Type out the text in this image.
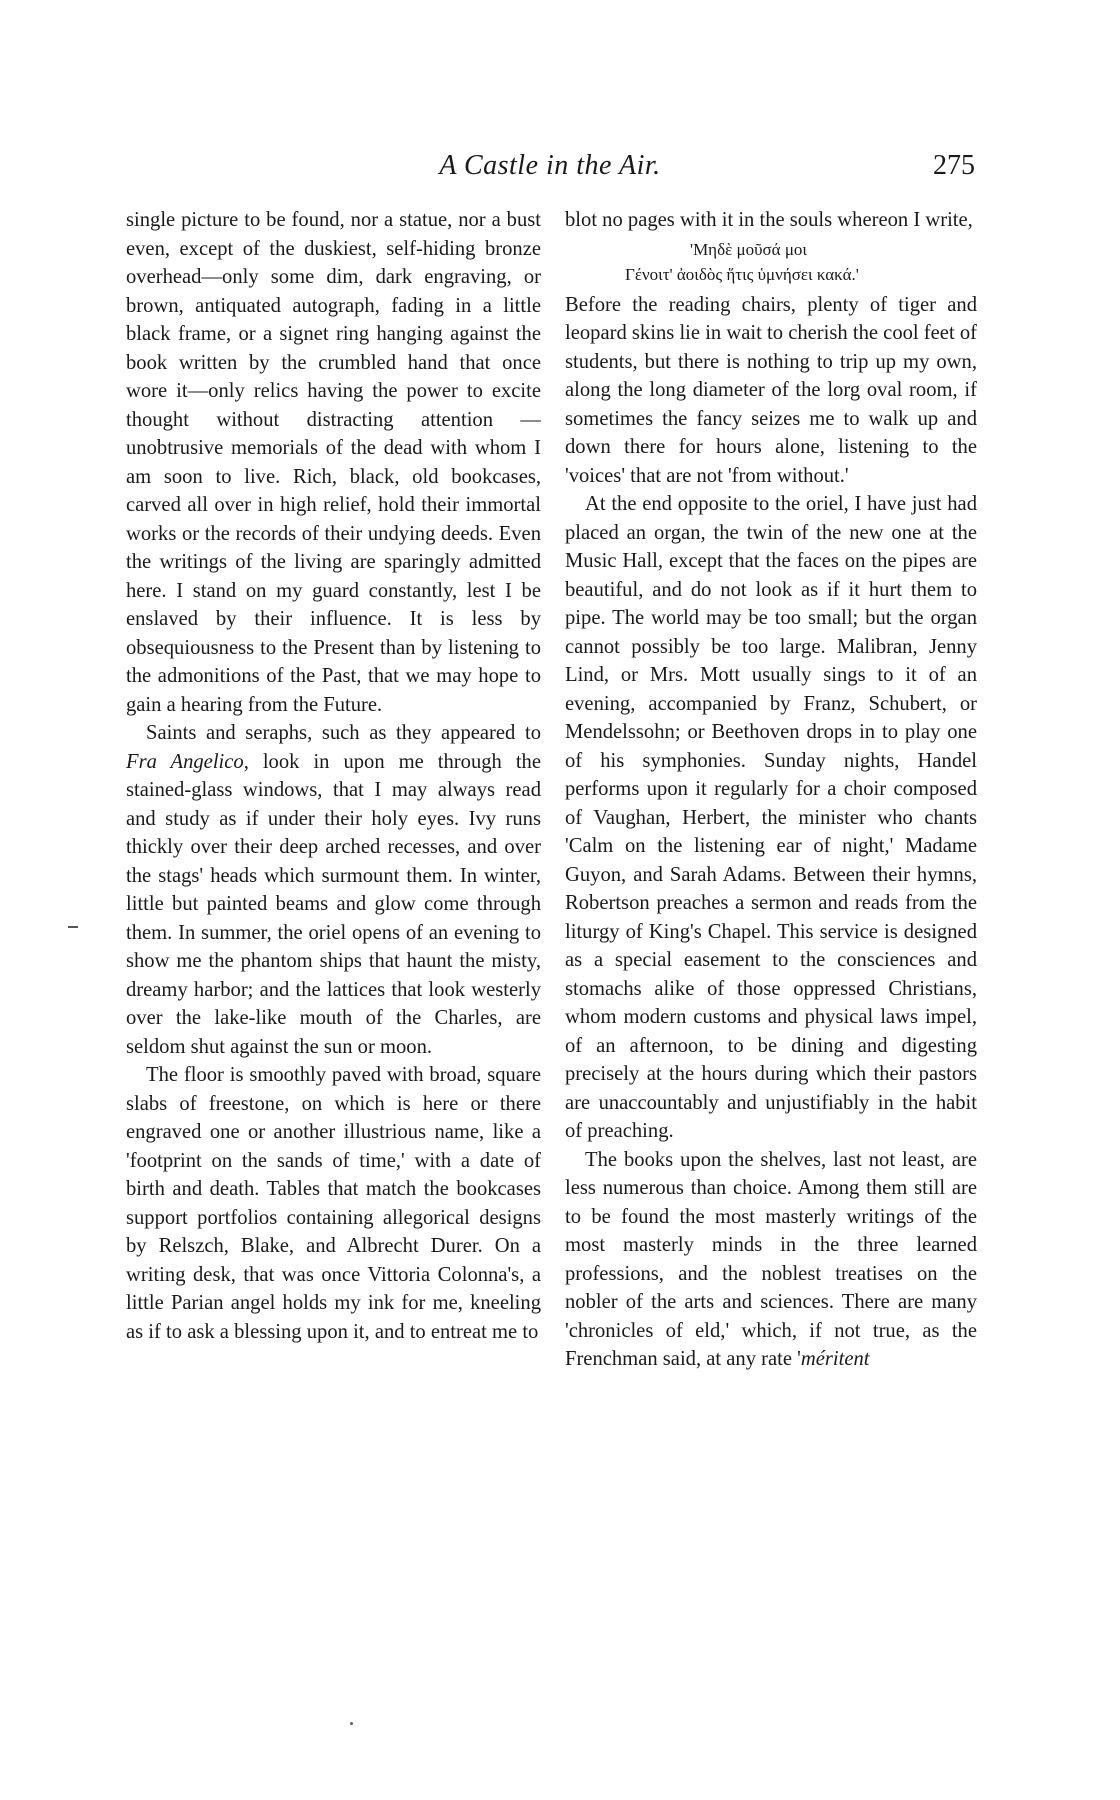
A Castle in the Air.	275

single picture to be found, nor a statue, nor a bust even, except of the duskiest, self-hiding bronze overhead—only some dim, dark engraving, or brown, antiquated autograph, fading in a little black frame, or a signet ring hanging against the book written by the crumbled hand that once wore it—only relics having the power to excite thought without distracting attention —unobtrusive memorials of the dead with whom I am soon to live. Rich, black, old bookcases, carved all over in high relief, hold their immortal works or the records of their undying deeds. Even the writings of the living are sparingly admitted here. I stand on my guard constantly, lest I be enslaved by their influence. It is less by obsequiousness to the Present than by listening to the admonitions of the Past, that we may hope to gain a hearing from the Future.

Saints and seraphs, such as they appeared to Fra Angelico, look in upon me through the stained-glass windows, that I may always read and study as if under their holy eyes. Ivy runs thickly over their deep arched recesses, and over the stags' heads which surmount them. In winter, little but painted beams and glow come through them. In summer, the oriel opens of an evening to show me the phantom ships that haunt the misty, dreamy harbor; and the lattices that look westerly over the lake-like mouth of the Charles, are seldom shut against the sun or moon.

The floor is smoothly paved with broad, square slabs of freestone, on which is here or there engraved one or another illustrious name, like a 'footprint on the sands of time,' with a date of birth and death. Tables that match the bookcases support portfolios containing allegorical designs by Relszch, Blake, and Albrecht Durer. On a writing desk, that was once Vittoria Colonna's, a little Parian angel holds my ink for me, kneeling as if to ask a blessing upon it, and to entreat me to

blot no pages with it in the souls whereon I write,

'Μηδὲ μοῦσά μοι
Γένοιτ' ἀοιδὸς ἥτις ὑμνήσει κακά.'

Before the reading chairs, plenty of tiger and leopard skins lie in wait to cherish the cool feet of students, but there is nothing to trip up my own, along the long diameter of the lorg oval room, if sometimes the fancy seizes me to walk up and down there for hours alone, listening to the 'voices' that are not 'from without.'

At the end opposite to the oriel, I have just had placed an organ, the twin of the new one at the Music Hall, except that the faces on the pipes are beautiful, and do not look as if it hurt them to pipe. The world may be too small; but the organ cannot possibly be too large. Malibran, Jenny Lind, or Mrs. Mott usually sings to it of an evening, accompanied by Franz, Schubert, or Mendelssohn; or Beethoven drops in to play one of his symphonies. Sunday nights, Handel performs upon it regularly for a choir composed of Vaughan, Herbert, the minister who chants 'Calm on the listening ear of night,' Madame Guyon, and Sarah Adams. Between their hymns, Robertson preaches a sermon and reads from the liturgy of King's Chapel. This service is designed as a special easement to the consciences and stomachs alike of those oppressed Christians, whom modern customs and physical laws impel, of an afternoon, to be dining and digesting precisely at the hours during which their pastors are unaccountably and unjustifiably in the habit of preaching.

The books upon the shelves, last not least, are less numerous than choice. Among them still are to be found the most masterly writings of the most masterly minds in the three learned professions, and the noblest treatises on the nobler of the arts and sciences. There are many 'chronicles of eld,' which, if not true, as the Frenchman said, at any rate 'méritent
